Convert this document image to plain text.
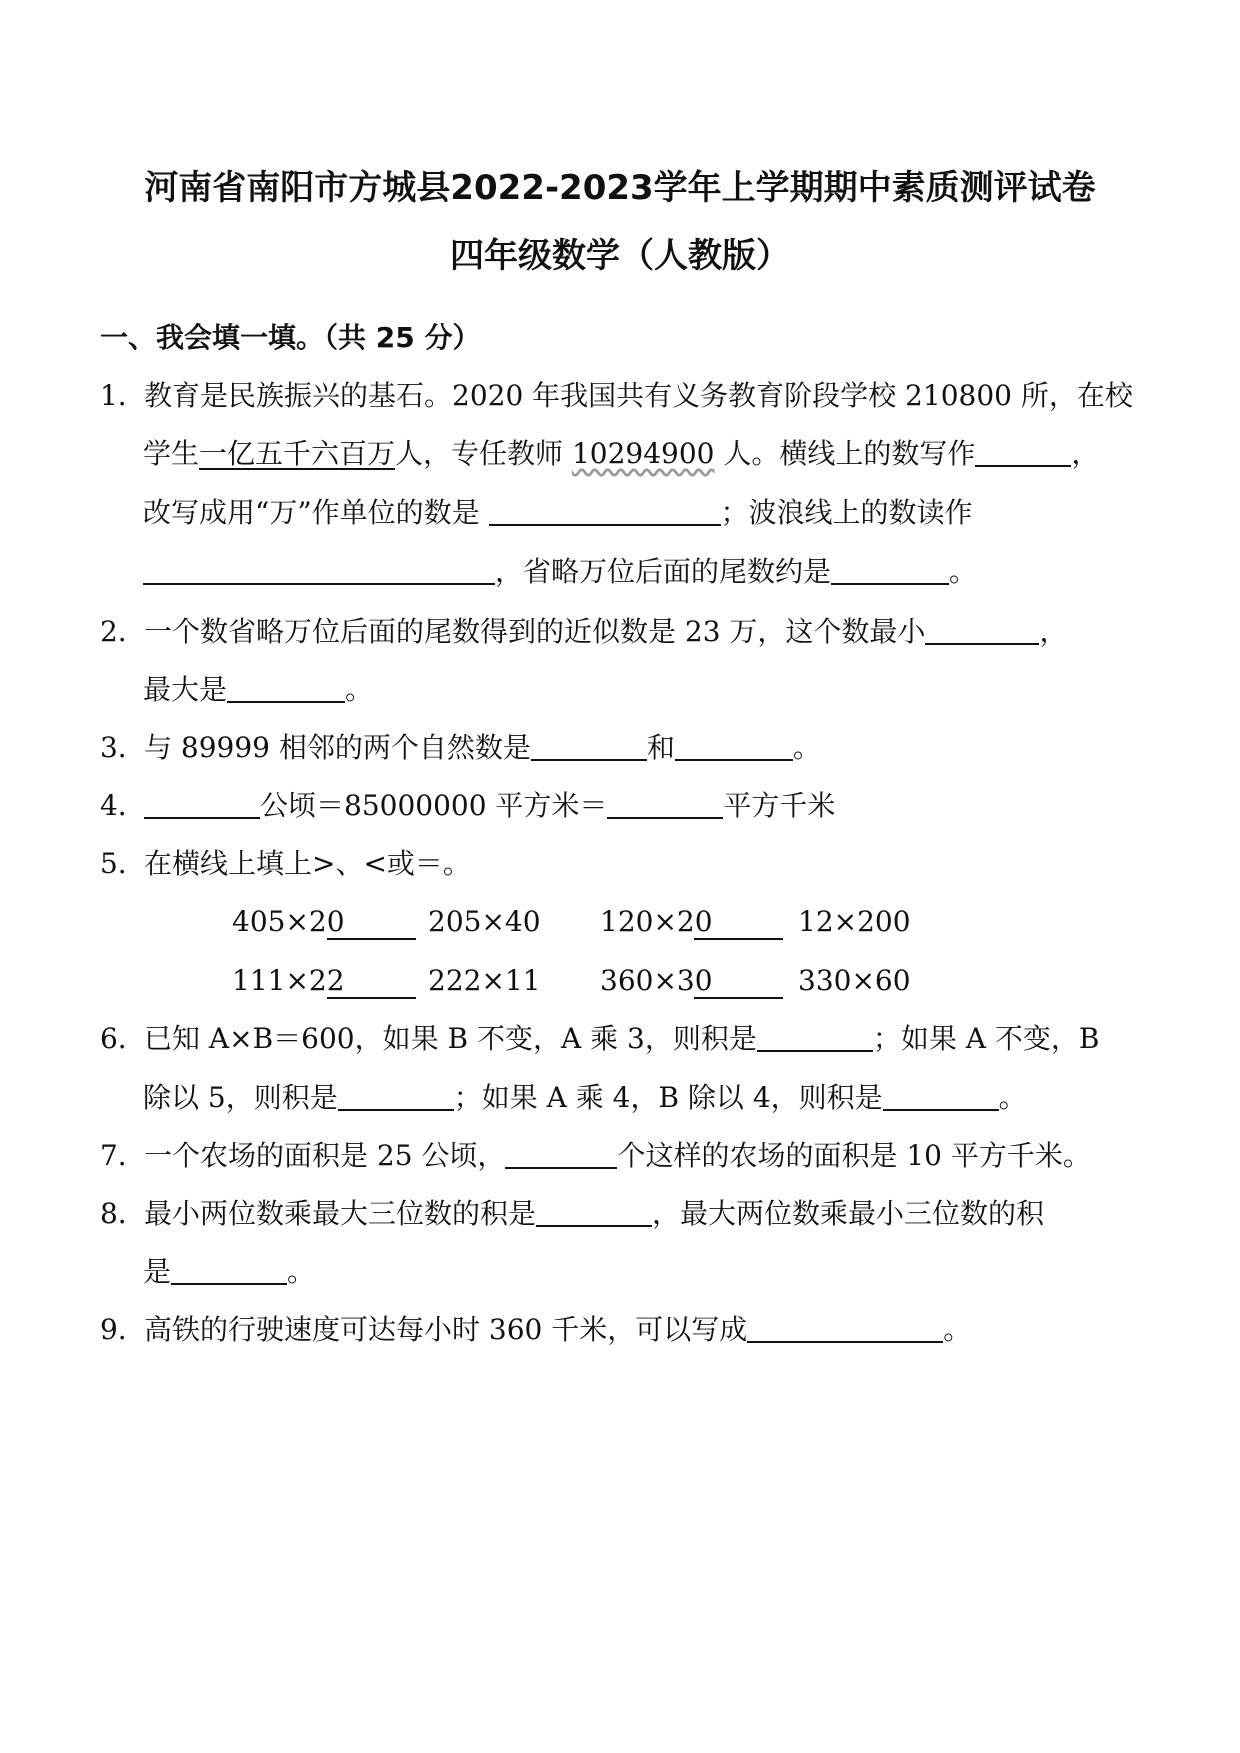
河南省南阳市方城县2022-2023学年上学期期中素质测评试卷
四年级数学（人教版）
一、我会填一填。（共 25 分）
1．教育是民族振兴的基石。2020 年我国共有义务教育阶段学校 210800 所，在校
学生一亿五千六百万人，专任教师 10294900 人。横线上的数写作	，
改写成用“万”作单位的数是	；波浪线上的数读作
，省略万位后面的尾数约是	。
2．一个数省略万位后面的尾数得到的近似数是 23 万，这个数最小	，
最大是	。
3．与 89999 相邻的两个自然数是	和	。
4．	公顷＝85000000 平方米＝	平方千米
5．在横线上填上>、<或＝。
405×20	205×40 120×20	12×200
111×22	222×11 360×30	330×60
6．已知 A×B＝600，如果 B 不变，A 乘 3，则积是	；如果 A 不变，B
除以 5，则积是	；如果 A 乘 4，B 除以 4，则积是	。
7．一个农场的面积是 25 公顷，	个这样的农场的面积是 10 平方千米。
8．最小两位数乘最大三位数的积是	，最大两位数乘最小三位数的积
是	。
9．高铁的行驶速度可达每小时 360 千米，可以写成	。
